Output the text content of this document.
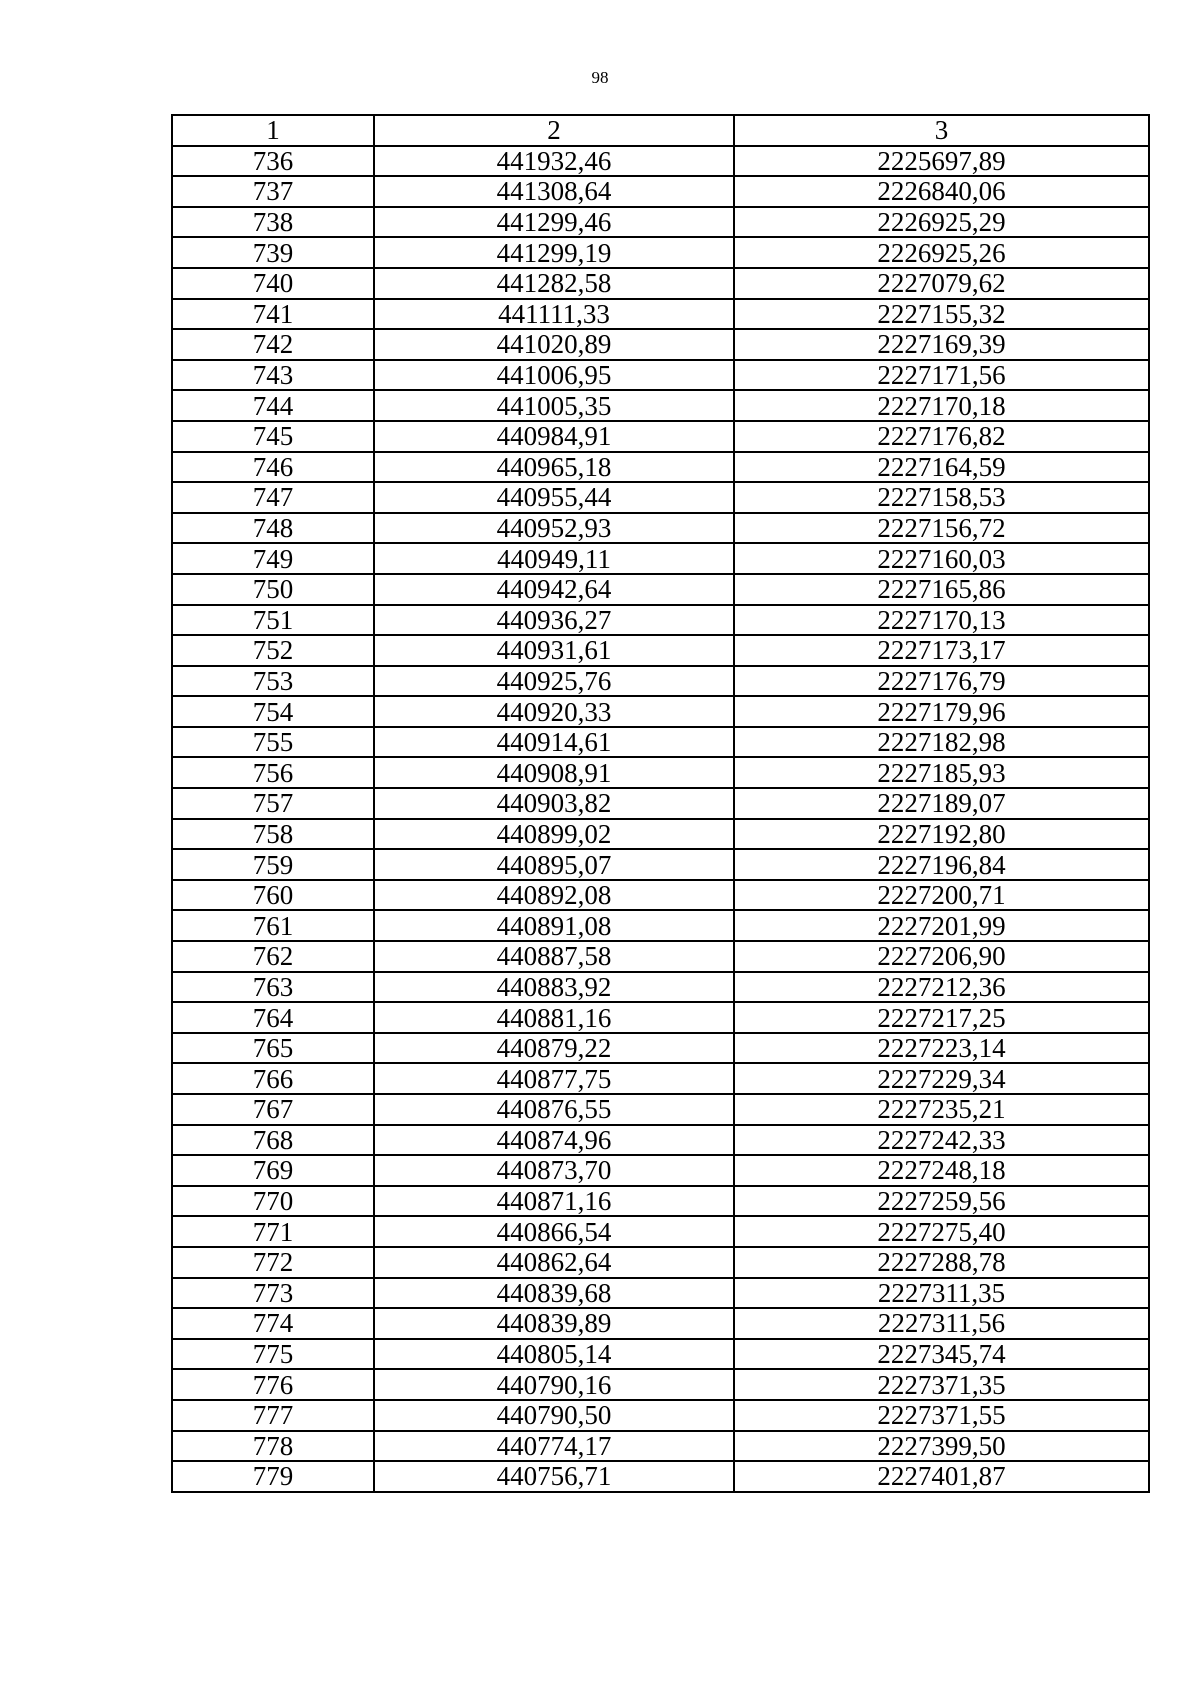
98
1	2	3
736	441932,46	2225697,89
737	441308,64	2226840,06
738	441299,46	2226925,29
739	441299,19	2226925,26
740	441282,58	2227079,62
741	441111,33	2227155,32
742	441020,89	2227169,39
743	441006,95	2227171,56
744	441005,35	2227170,18
745	440984,91	2227176,82
746	440965,18	2227164,59
747	440955,44	2227158,53
748	440952,93	2227156,72
749	440949,11	2227160,03
750	440942,64	2227165,86
751	440936,27	2227170,13
752	440931,61	2227173,17
753	440925,76	2227176,79
754	440920,33	2227179,96
755	440914,61	2227182,98
756	440908,91	2227185,93
757	440903,82	2227189,07
758	440899,02	2227192,80
759	440895,07	2227196,84
760	440892,08	2227200,71
761	440891,08	2227201,99
762	440887,58	2227206,90
763	440883,92	2227212,36
764	440881,16	2227217,25
765	440879,22	2227223,14
766	440877,75	2227229,34
767	440876,55	2227235,21
768	440874,96	2227242,33
769	440873,70	2227248,18
770	440871,16	2227259,56
771	440866,54	2227275,40
772	440862,64	2227288,78
773	440839,68	2227311,35
774	440839,89	2227311,56
775	440805,14	2227345,74
776	440790,16	2227371,35
777	440790,50	2227371,55
778	440774,17	2227399,50
779	440756,71	2227401,87
